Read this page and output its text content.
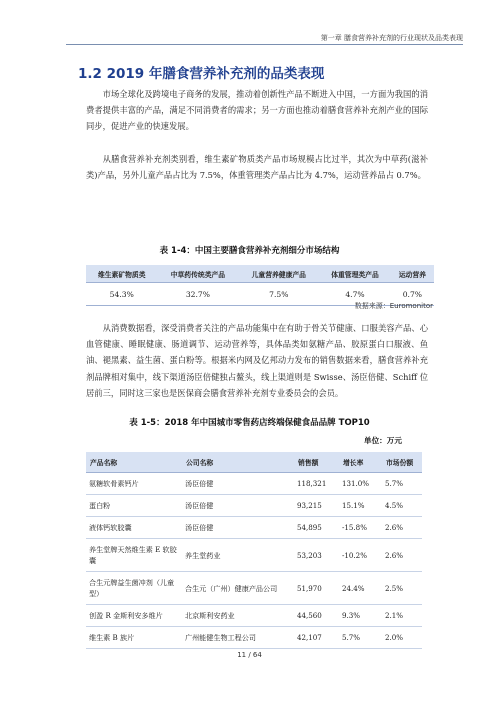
第一章 膳食营养补充剂的行业现状及品类表现
1.2 2019 年膳食营养补充剂的品类表现

市场全球化及跨境电子商务的发展，推动着创新性产品不断进入中国，一方面为我国的消费者提供丰富的产品，满足不同消费者的需求；另一方面也推动着膳食营养补充剂产业的国际同步，促进产业的快速发展。

从膳食营养补充剂类别看，维生素矿物质类产品市场规模占比过半，其次为中草药(滋补类)产品，另外儿童产品占比为 7.5%，体重管理类产品占比为 4.7%，运动营养品占 0.7%。

表 1-4：中国主要膳食营养补充剂细分市场结构
维生素矿物质类	中草药传统类产品	儿童营养健康产品	体重管理类产品	运动营养
54.3%	32.7%	7.5%	4.7%	0.7%
数据来源：Euromonitor

从消费数据看，深受消费者关注的产品功能集中在有助于骨关节健康、口服美容产品、心血管健康、睡眠健康、肠道调节、运动营养等，具体品类如氨糖产品、胶原蛋白口服液、鱼油、褪黑素、益生菌、蛋白粉等。根据米内网及亿邦动力发布的销售数据来看，膳食营养补充剂品牌相对集中，线下渠道汤臣倍健独占鳌头，线上渠道则是 Swisse、汤臣倍健、Schiff 位居前三，同时这三家也是医保商会膳食营养补充剂专业委员会的会员。

表 1-5：2018 年中国城市零售药店终端保健食品品牌 TOP10
单位：万元
产品名称	公司名称	销售额	增长率	市场份额
氨糖软骨素钙片	汤臣倍健	118,321	131.0%	5.7%
蛋白粉	汤臣倍健	93,215	15.1%	4.5%
液体钙软胶囊	汤臣倍健	54,895	-15.8%	2.6%
养生堂牌天然维生素 E 软胶囊	养生堂药业	53,203	-10.2%	2.6%
合生元牌益生菌冲剂（儿童型）	合生元（广州）健康产品公司	51,970	24.4%	2.5%
创盈 R 金斯利安多维片	北京斯利安药业	44,560	9.3%	2.1%
维生素 B 族片	广州能健生物工程公司	42,107	5.7%	2.0%
11 / 64
